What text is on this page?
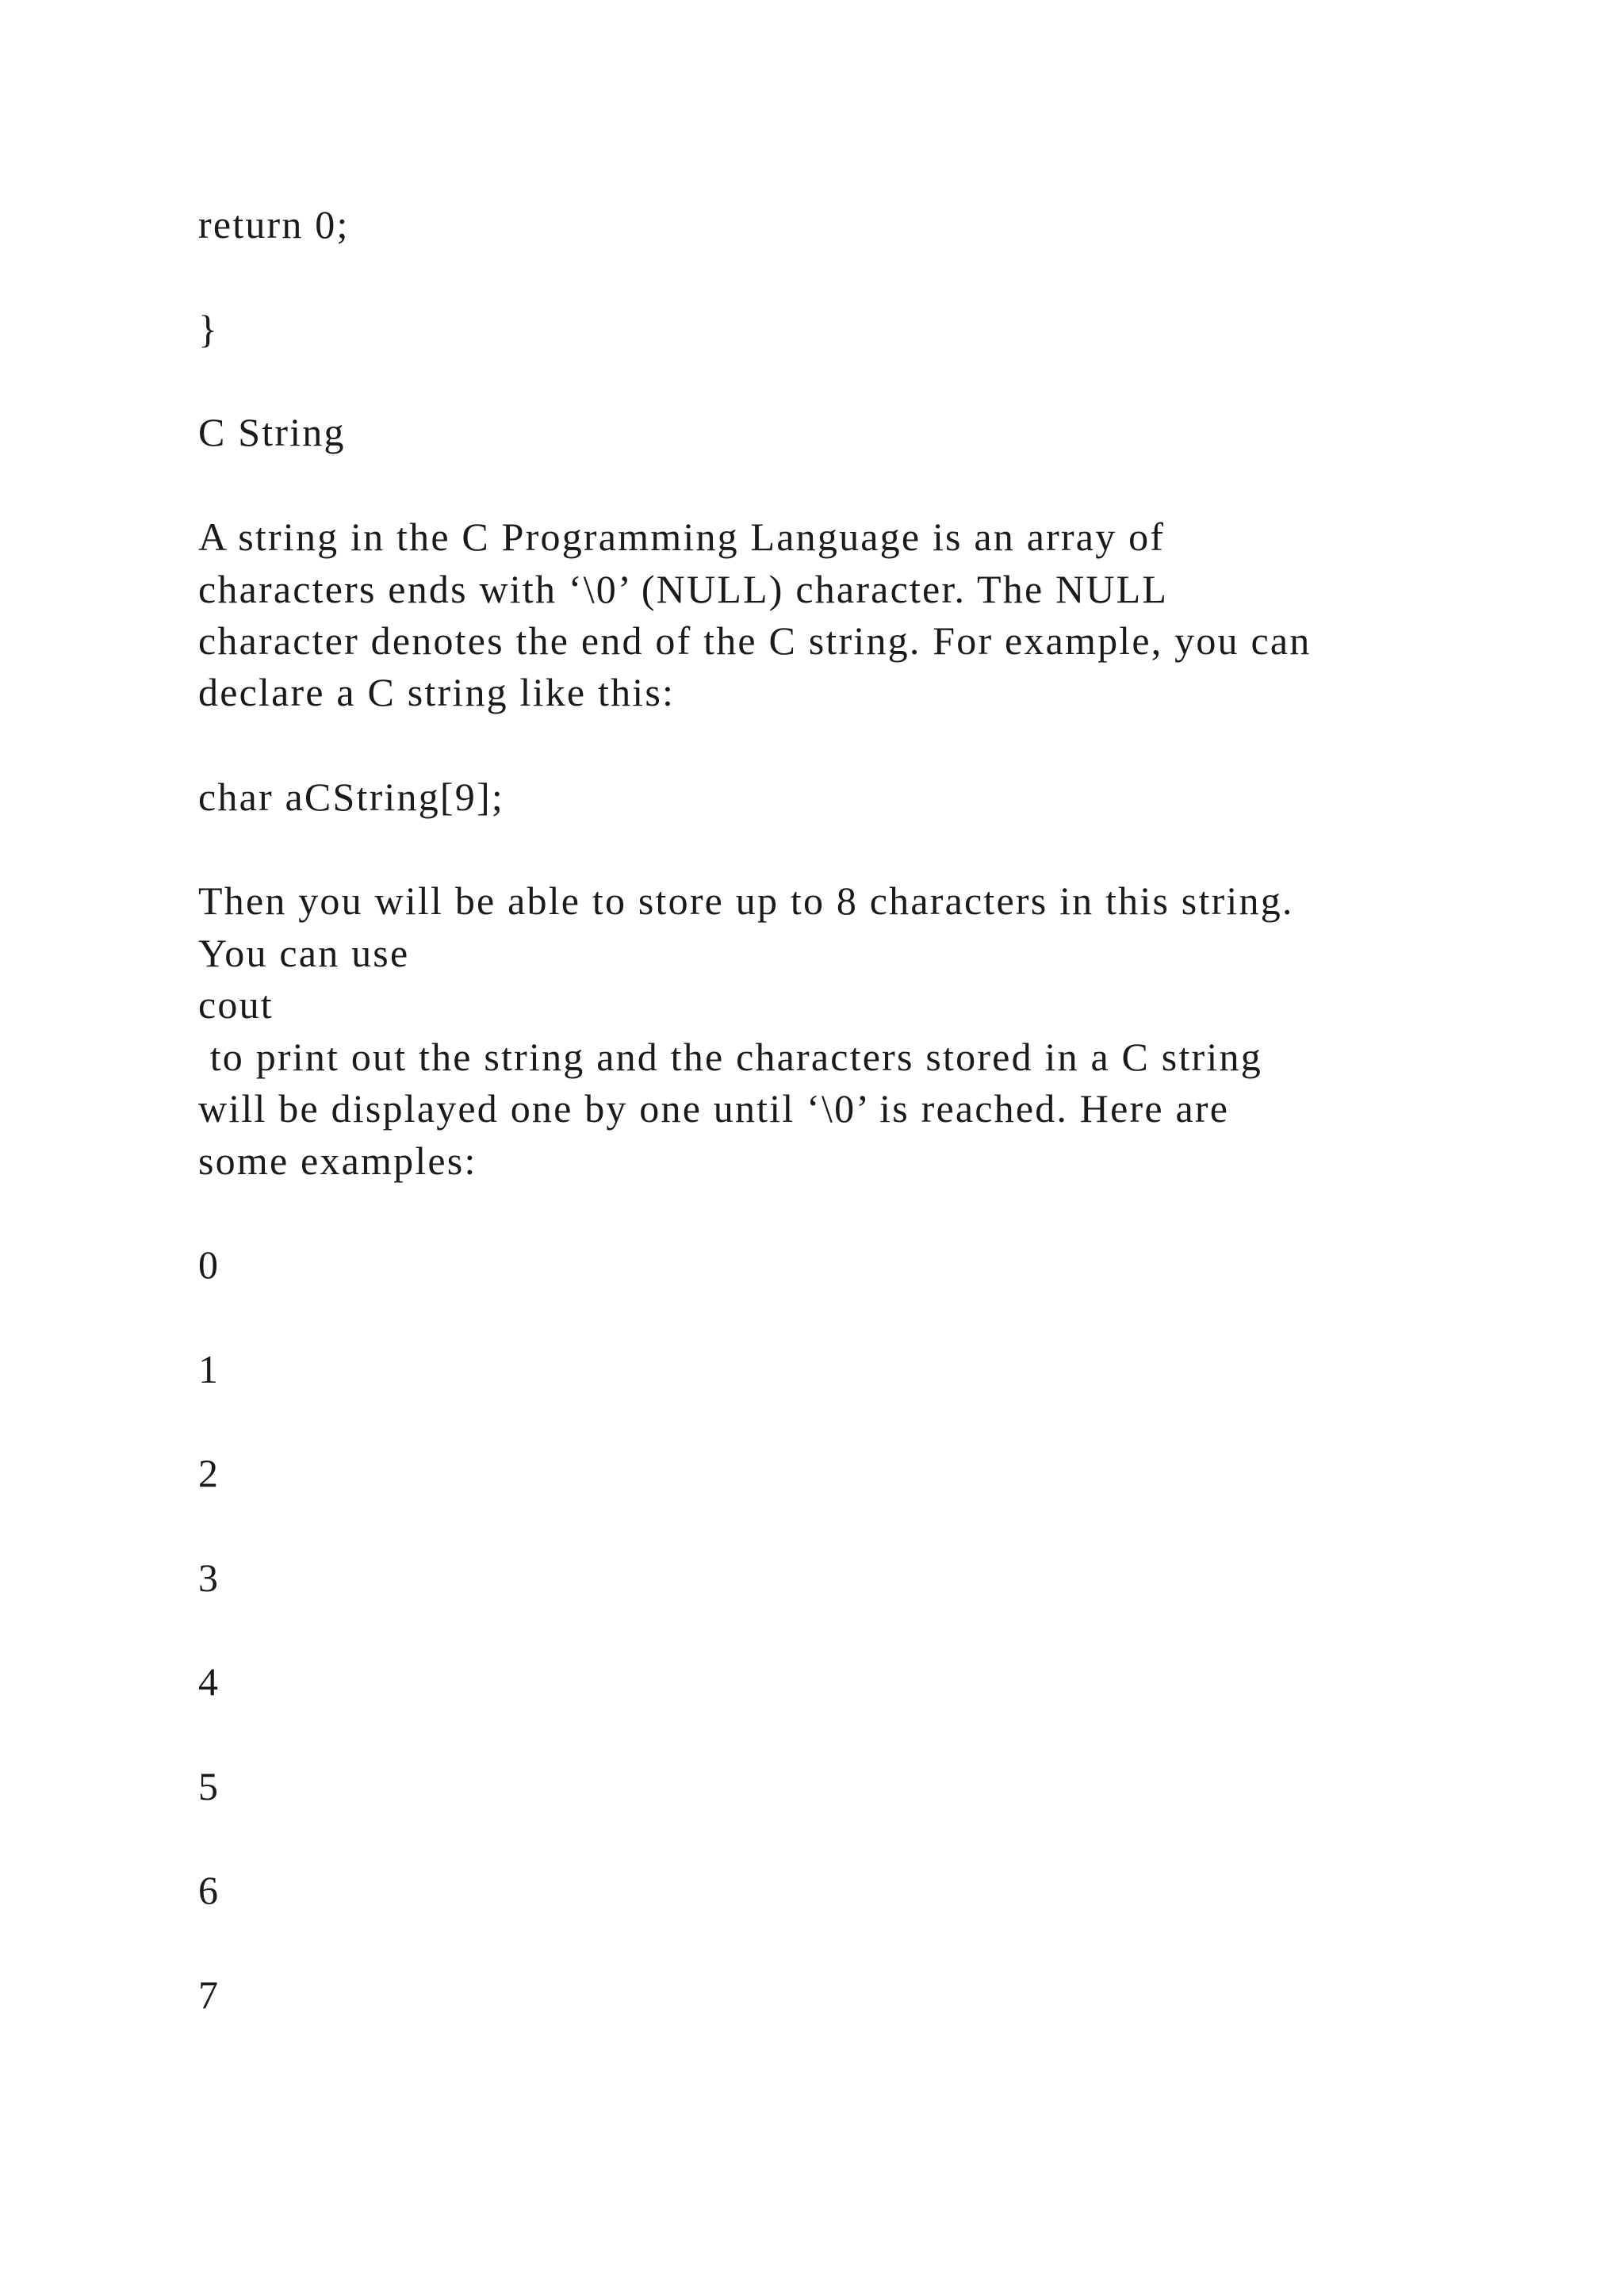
return 0;
}
C String
A string in the C Programming Language is an array of
characters ends with ‘\0’ (NULL) character. The NULL
character denotes the end of the C string. For example, you can
declare a C string like this:
char aCString[9];
Then you will be able to store up to 8 characters in this string.
You can use
cout
to print out the string and the characters stored in a C string
will be displayed one by one until ‘\0’ is reached. Here are
some examples:
0
1
2
3
4
5
6
7
